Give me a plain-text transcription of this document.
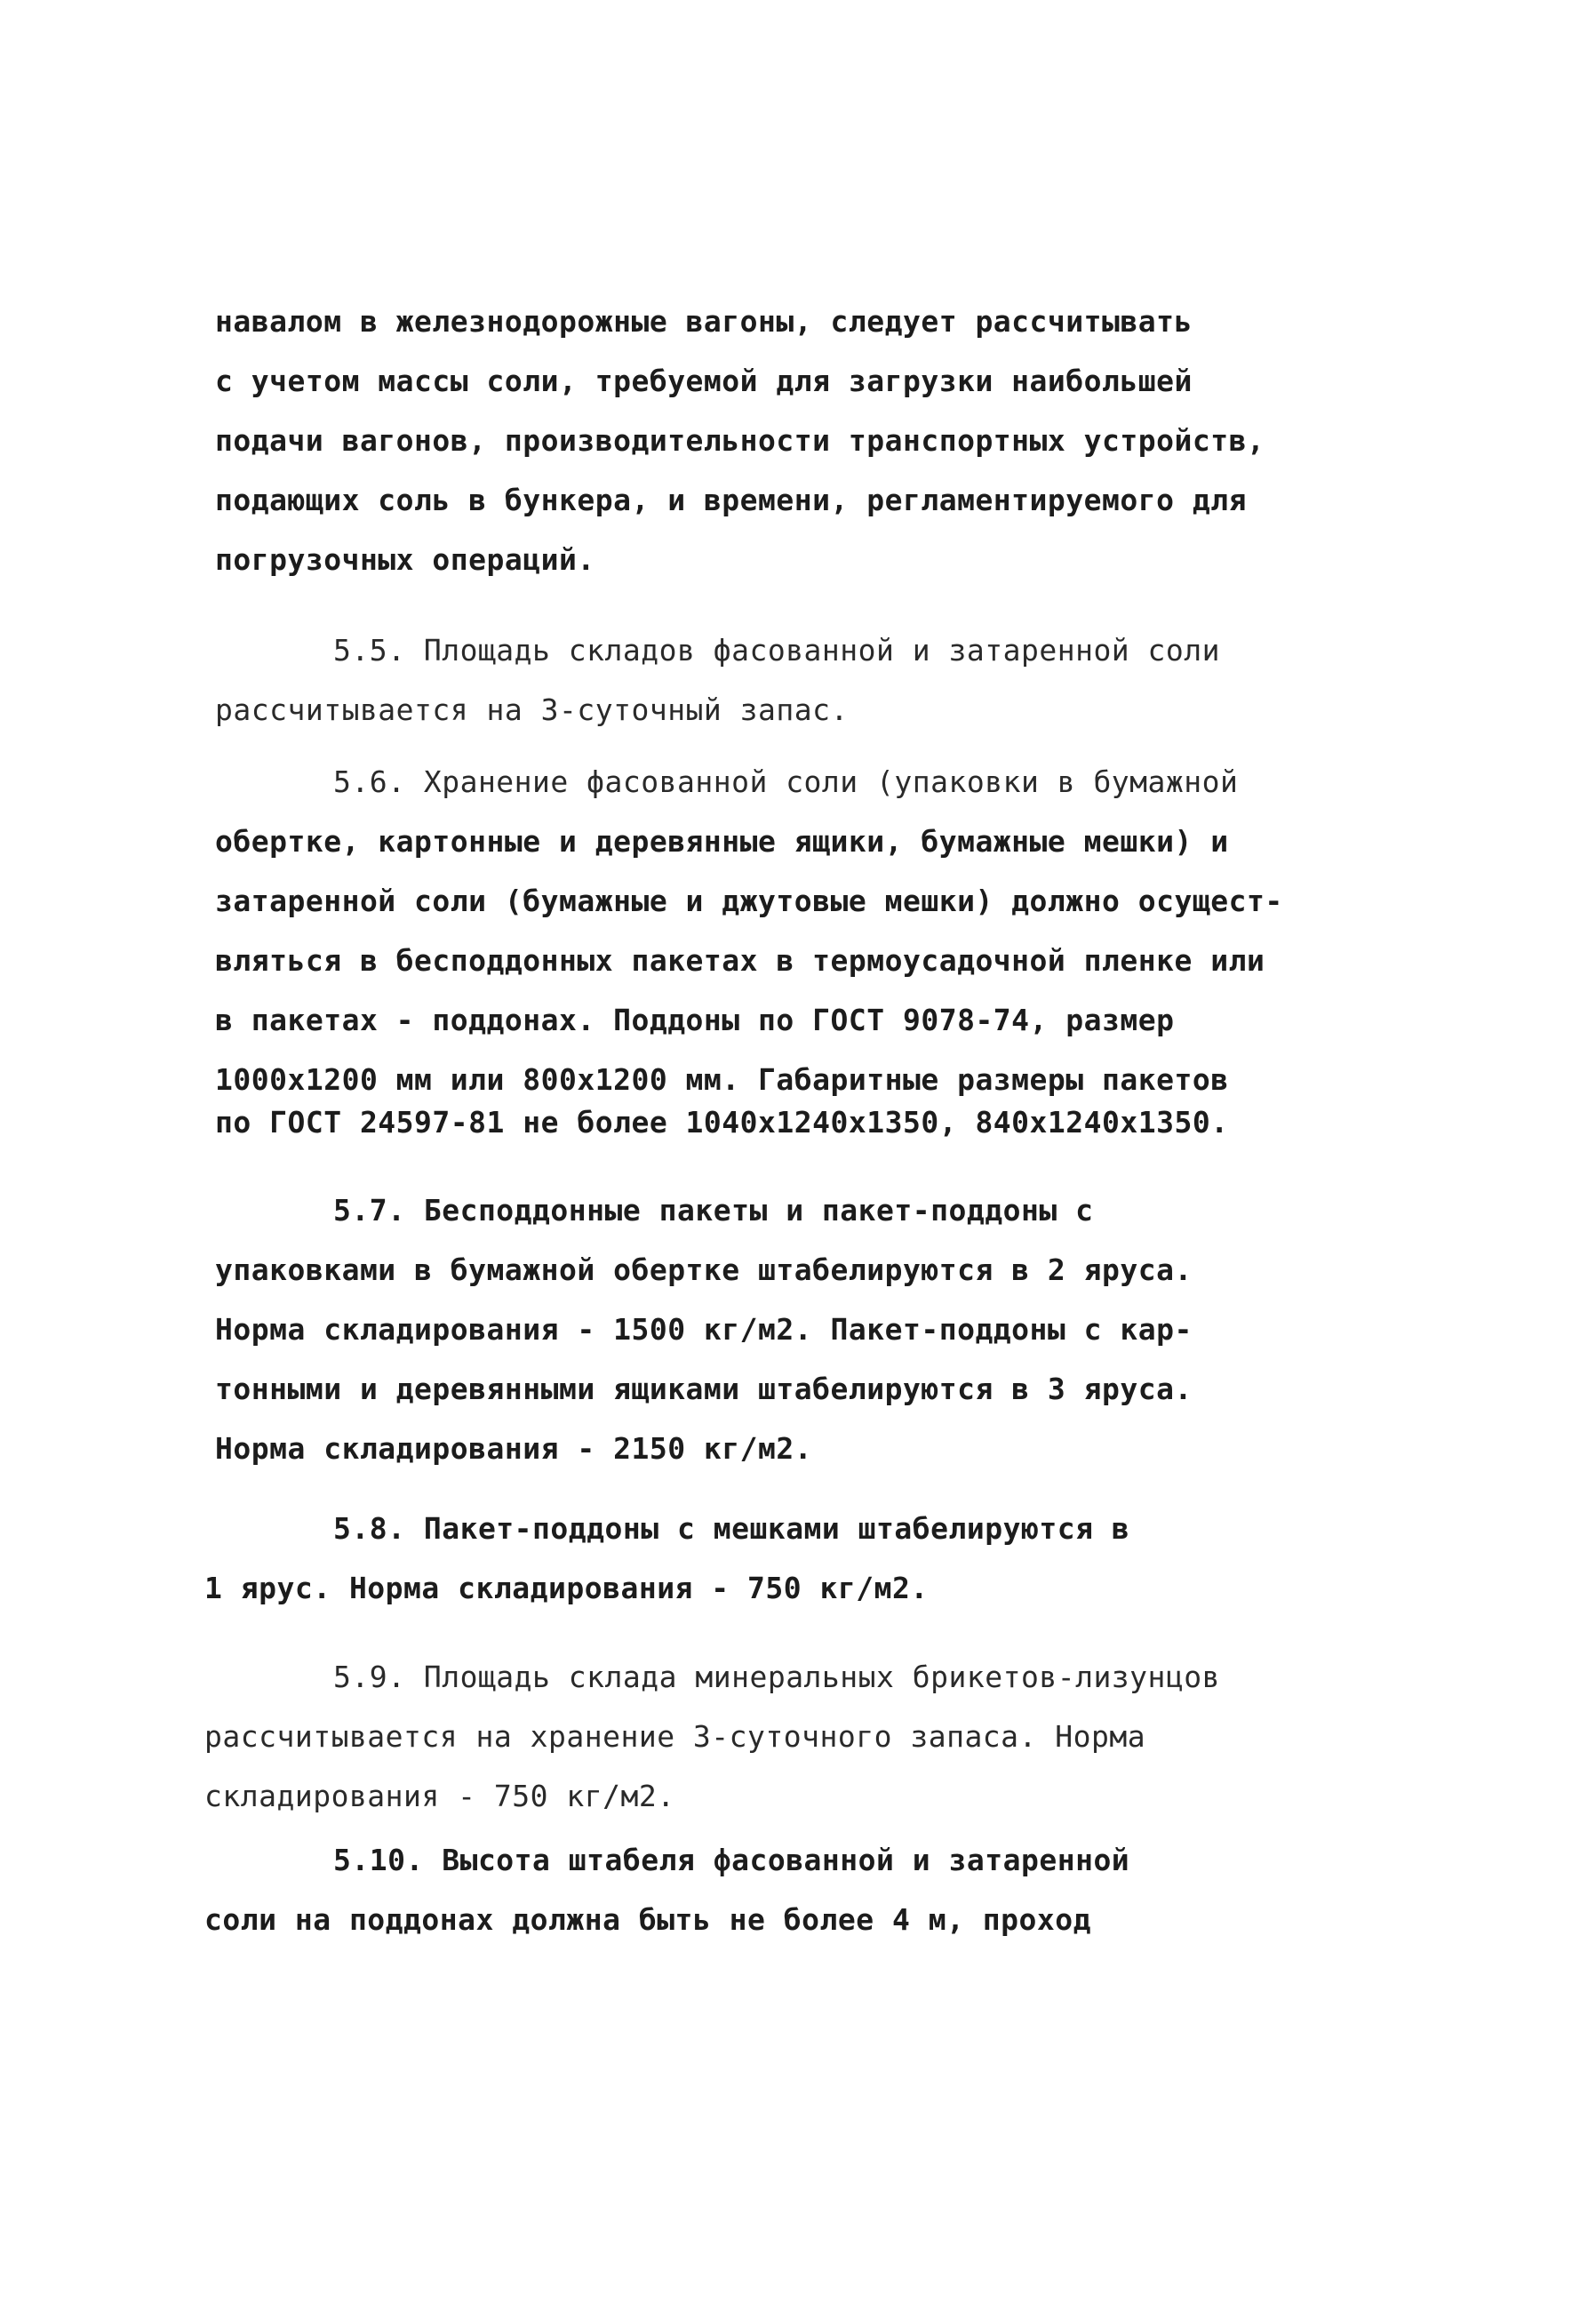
навалом в железнодорожные вагоны, следует рассчитывать
с учетом массы соли, требуемой для загрузки наибольшей
подачи вагонов, производительности транспортных устройств,
подающих соль в бункера, и времени, регламентируемого для
погрузочных операций.
5.5. Площадь складов фасованной и затаренной соли
рассчитывается на 3-суточный запас.
5.6. Хранение фасованной соли (упаковки в бумажной
обертке, картонные и деревянные ящики, бумажные мешки) и
затаренной соли (бумажные и джутовые мешки) должно осущест-
вляться в бесподдонных пакетах в термоусадочной пленке или
в пакетах - поддонах. Поддоны по ГОСТ 9078-74, размер
1000х1200 мм или 800х1200 мм. Габаритные размеры пакетов
по ГОСТ 24597-81 не более 1040х1240х1350, 840х1240х1350.
5.7. Бесподдонные пакеты и пакет-поддоны с
упаковками в бумажной обертке штабелируются в 2 яруса.
Норма складирования - 1500 кг/м2. Пакет-поддоны с кар-
тонными и деревянными ящиками штабелируются в 3 яруса.
Норма складирования - 2150 кг/м2.
5.8. Пакет-поддоны с мешками штабелируются в
1 ярус. Норма складирования - 750 кг/м2.
5.9. Площадь склада минеральных брикетов-лизунцов
рассчитывается на хранение 3-суточного запаса. Норма
складирования - 750 кг/м2.
5.10. Высота штабеля фасованной и затаренной
соли на поддонах должна быть не более 4 м, проход
